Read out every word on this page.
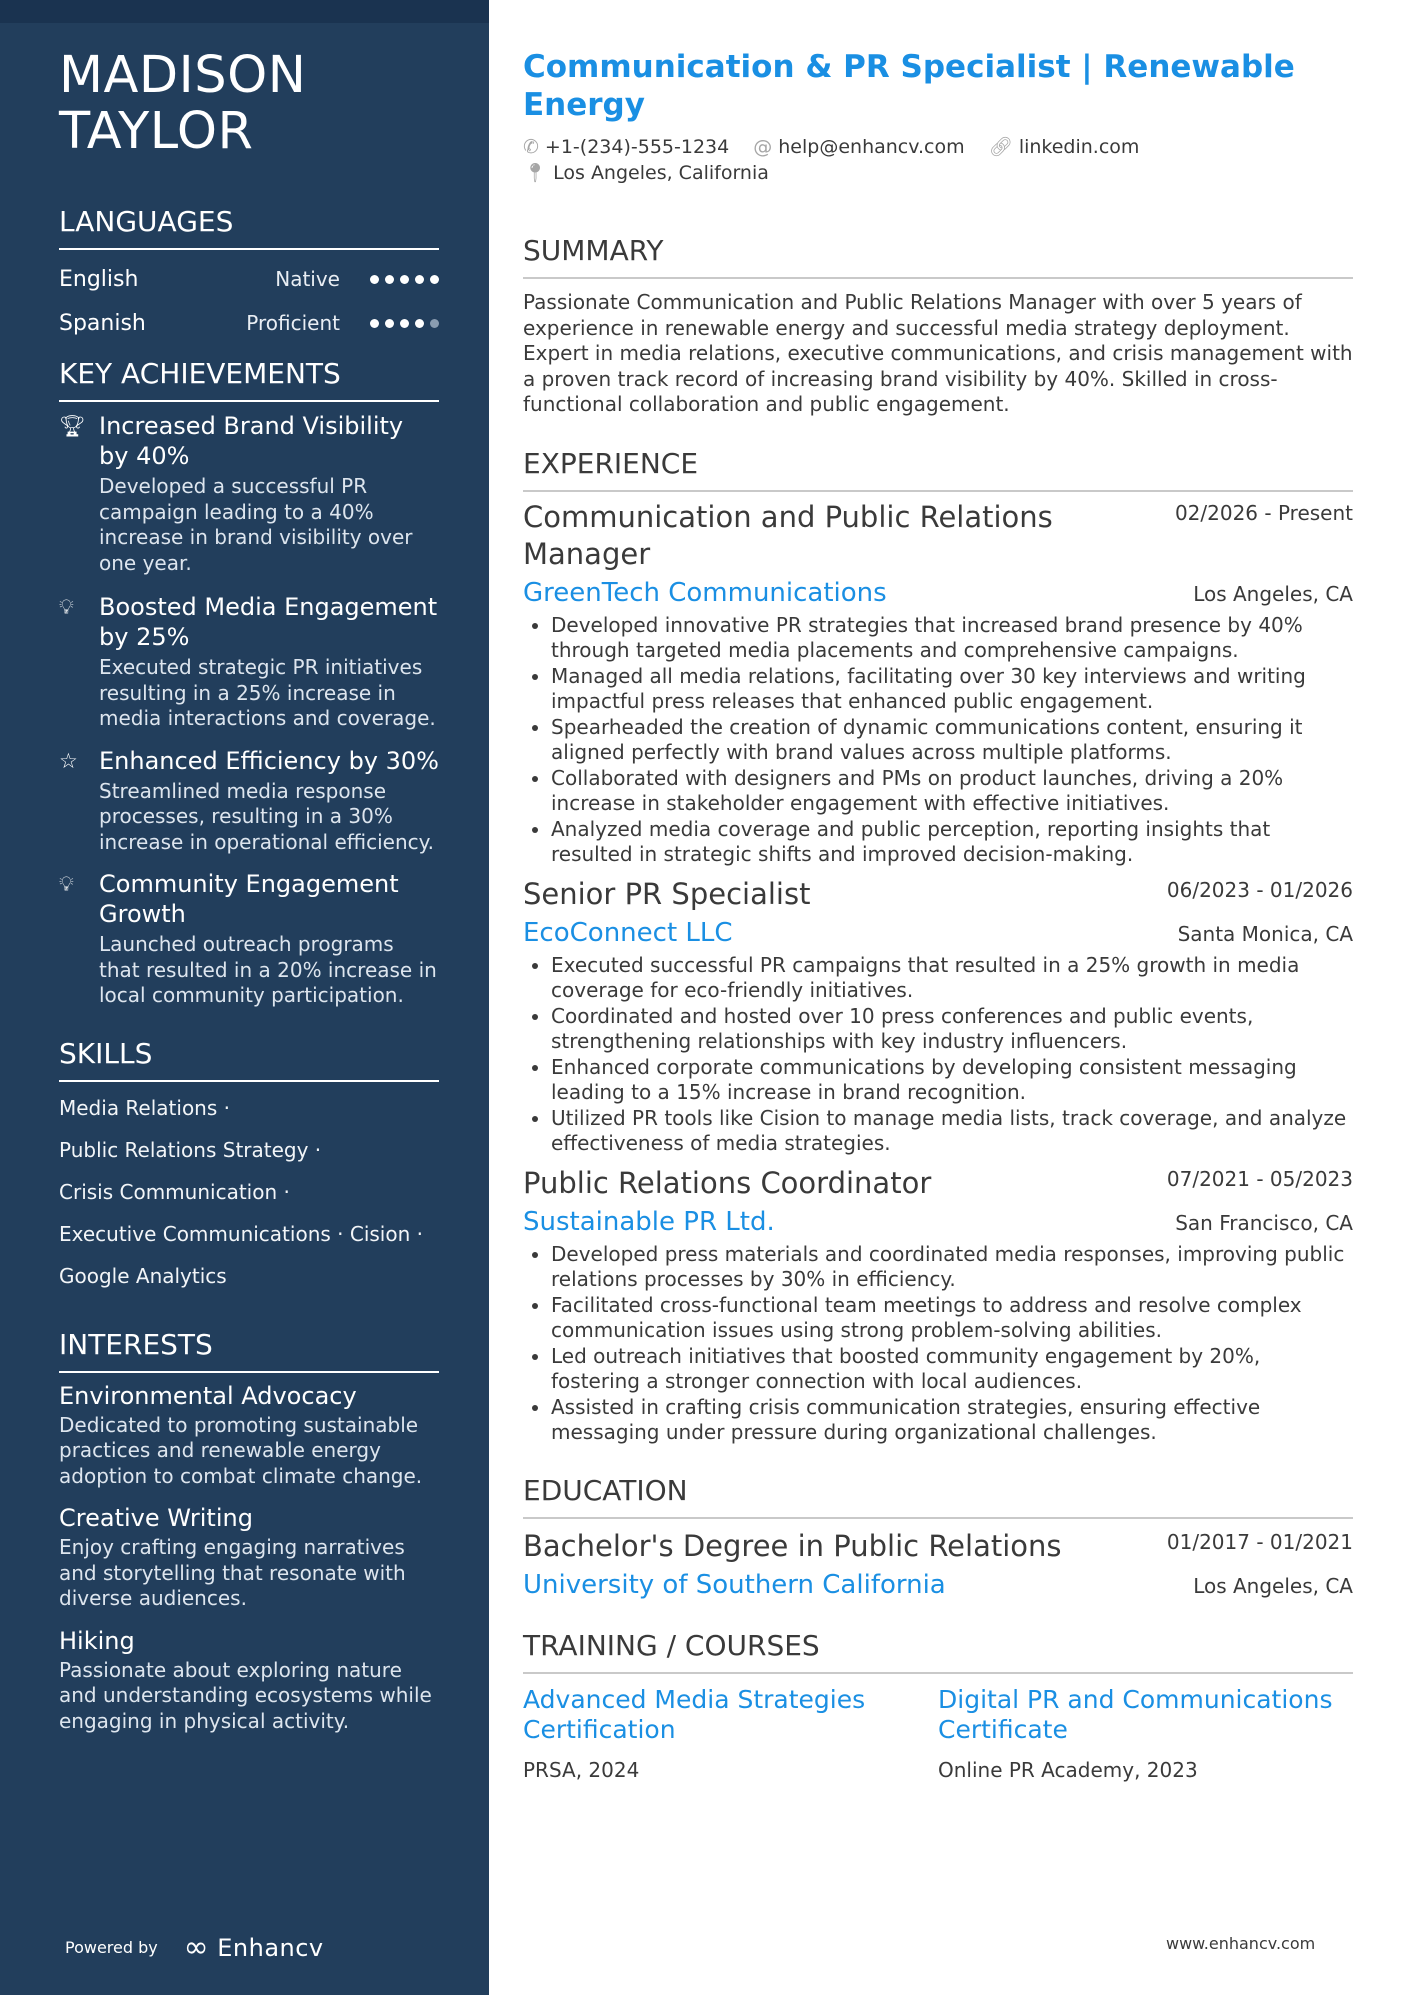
MADISON
TAYLOR
LANGUAGES
English	Native
Spanish	Proficient
KEY ACHIEVEMENTS
🏆︎ Increased Brand Visibility by 40%
Developed a successful PR campaign leading to a 40% increase in brand visibility over one year.
💡︎	Boosted Media Engagement by 25%
Executed strategic PR initiatives resulting in a 25% increase in media interactions and coverage.
☆ Enhanced Efficiency by 30%
Streamlined media response processes, resulting in a 30% increase in operational efficiency.
💡︎	Community Engagement Growth
Launched outreach programs that resulted in a 20% increase in local community participation.
SKILLS
Media Relations ·
Public Relations Strategy ·
Crisis Communication ·
Executive Communications · Cision ·
Google Analytics
INTERESTS
Environmental Advocacy
Dedicated to promoting sustainable practices and renewable energy adoption to combat climate change.
Creative Writing
Enjoy crafting engaging narratives and storytelling that resonate with diverse audiences.
Hiking
Passionate about exploring nature and understanding ecosystems while engaging in physical activity.
Powered by ∞ Enhancv
Communication & PR Specialist | Renewable Energy
✆ +1-(234)-555-1234
@ help@enhancv.com
🔗︎ linkedin.com
📍︎ Los Angeles, California
SUMMARY
Passionate Communication and Public Relations Manager with over 5 years of experience in renewable energy and successful media strategy deployment. Expert in media relations, executive communications, and crisis management with a proven track record of increasing brand visibility by 40%. Skilled in cross-functional collaboration and public engagement.
EXPERIENCE
Communication and Public Relations Manager
02/2026 - Present
GreenTech Communications	Los Angeles, CA
• Developed innovative PR strategies that increased brand presence by 40% through targeted media placements and comprehensive campaigns.
• Managed all media relations, facilitating over 30 key interviews and writing impactful press releases that enhanced public engagement.
• Spearheaded the creation of dynamic communications content, ensuring it aligned perfectly with brand values across multiple platforms.
• Collaborated with designers and PMs on product launches, driving a 20% increase in stakeholder engagement with effective initiatives.
• Analyzed media coverage and public perception, reporting insights that resulted in strategic shifts and improved decision-making.
Senior PR Specialist	06/2023 - 01/2026
EcoConnect LLC	Santa Monica, CA
• Executed successful PR campaigns that resulted in a 25% growth in media coverage for eco-friendly initiatives.
• Coordinated and hosted over 10 press conferences and public events, strengthening relationships with key industry influencers.
• Enhanced corporate communications by developing consistent messaging leading to a 15% increase in brand recognition.
• Utilized PR tools like Cision to manage media lists, track coverage, and analyze effectiveness of media strategies.
Public Relations Coordinator	07/2021 - 05/2023
Sustainable PR Ltd.	San Francisco, CA
• Developed press materials and coordinated media responses, improving public relations processes by 30% in efficiency.
• Facilitated cross-functional team meetings to address and resolve complex communication issues using strong problem-solving abilities.
• Led outreach initiatives that boosted community engagement by 20%, fostering a stronger connection with local audiences.
• Assisted in crafting crisis communication strategies, ensuring effective messaging under pressure during organizational challenges.
EDUCATION
Bachelor's Degree in Public Relations	01/2017 - 01/2021
University of Southern California	Los Angeles, CA
TRAINING / COURSES
Advanced Media Strategies Certification
PRSA, 2024
Digital PR and Communications Certificate
Online PR Academy, 2023
www.enhancv.com
